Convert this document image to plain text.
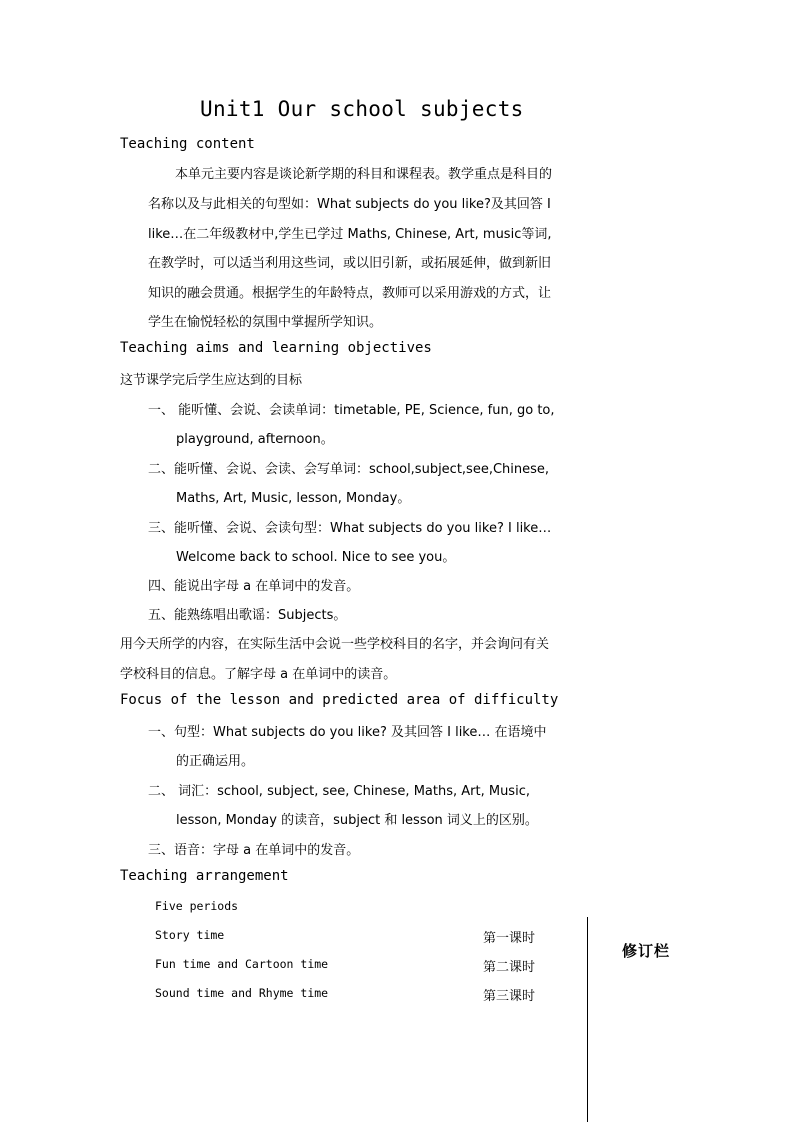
Unit1 Our school subjects
Teaching content
本单元主要内容是谈论新学期的科目和课程表。教学重点是科目的
名称以及与此相关的句型如：What subjects do you like?及其回答 I
like…在二年级教材中,学生已学过 Maths, Chinese, Art, music等词,
在教学时，可以适当利用这些词，或以旧引新，或拓展延伸，做到新旧
知识的融会贯通。根据学生的年龄特点，教师可以采用游戏的方式，让
学生在愉悦轻松的氛围中掌握所学知识。
Teaching aims and learning objectives
这节课学完后学生应达到的目标
一、 能听懂、会说、会读单词：timetable, PE, Science, fun, go to,
playground, afternoon。
二、能听懂、会说、会读、会写单词：school,subject,see,Chinese,
Maths, Art, Music, lesson, Monday。
三、能听懂、会说、会读句型：What subjects do you like? I like…
Welcome back to school. Nice to see you。
四、能说出字母 a 在单词中的发音。
五、能熟练唱出歌谣：Subjects。
用今天所学的内容，在实际生活中会说一些学校科目的名字，并会询问有关
学校科目的信息。了解字母 a 在单词中的读音。
Focus of the lesson and predicted area of difficulty
一、句型：What subjects do you like? 及其回答 I like… 在语境中
的正确运用。
二、 词汇：school, subject, see, Chinese, Maths, Art, Music,
lesson, Monday 的读音，subject 和 lesson 词义上的区别。
三、语音：字母 a 在单词中的发音。
Teaching arrangement
Five periods
Story time	第一课时
Fun time and Cartoon time	第二课时
Sound time and Rhyme time	第三课时
修订栏
